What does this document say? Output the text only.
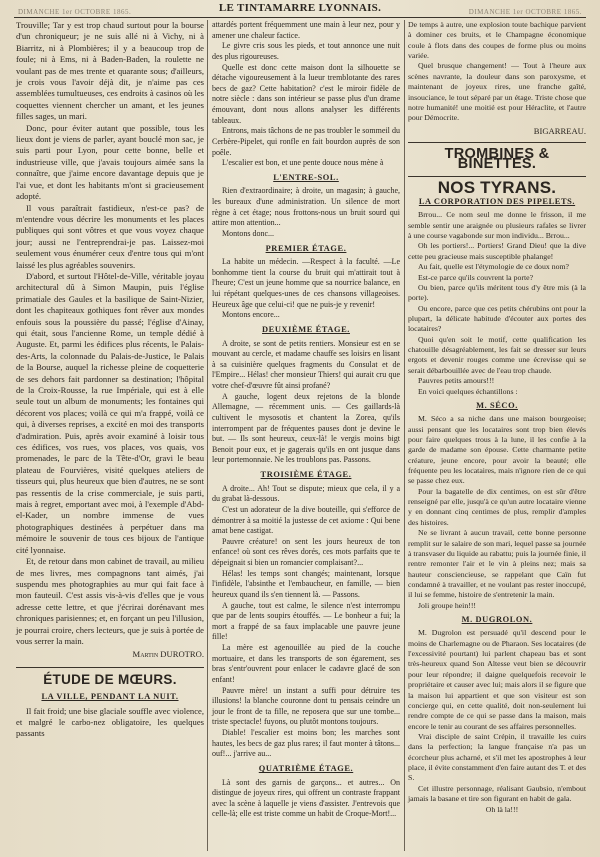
DIMANCHE 1er OCTOBRE 1865.	LE TINTAMARRE LYONNAIS.	DIMANCHE 1er OCTOBRE 1865.

Trouville; Tar y est trop chaud surtout pour la bourse d'un chroniqueur; je ne suis allé ni à Vichy, ni à Biarritz, ni à Plombières; il y a beaucoup trop de foule; ni à Ems, ni à Baden-Baden, la roulette ne voulant pas de mes trente et quarante sous; d'ailleurs, je crois vous l'avoir déjà dit, je n'aime pas ces assemblées tumultueuses, ces endroits à casinos où les coquettes viennent chercher un amant, et les jeunes filles sages, un mari.

Donc, pour éviter autant que possible, tous les lieux dont je viens de parler, ayant bouclé mon sac, je suis parti pour Lyon, pour cette bonne, belle et industrieuse ville, que j'avais toujours aimée sans la connaître, que j'aime encore davantage depuis que je l'ai vue, et dont les habitants m'ont si gracieusement adopté.

Il vous paraîtrait fastidieux, n'est-ce pas? de m'entendre vous décrire les monuments et les places publiques qui sont vôtres et que vous voyez chaque jour; aussi ne l'entreprendrai-je pas. Laissez-moi seulement vous énumérer ceux d'entre tous qui m'ont laissé les plus agréables souvenirs.

D'abord, et surtout l'Hôtel-de-Ville, véritable joyau architectural dû à Simon Maupin, puis l'église primatiale des Gaules et la basilique de Saint-Nizier, dont les chapiteaux gothiques font rêver aux mondes enfouis sous la poussière du passé; l'église d'Ainay, qui était, sous l'ancienne Rome, un temple dédié à Auguste. Et, parmi les édifices plus récents, le Palais-des-Arts, la colonnade du Palais-de-Justice, le Palais de la Bourse, auquel la richesse pleine de coquetterie de ses dehors fait pardonner sa destination; l'hôpital de la Croix-Rousse, la rue Impériale, qui est à elle seule tout un album de monuments; les fontaines qui décorent vos places; voilà ce qui m'a frappé, voilà ce qui, à diverses reprises, a excité en moi des transports d'admiration. Puis, après avoir examiné à loisir tous ces édifices, vos rues, vos places, vos quais, vos promenades, le parc de la Tête-d'Or, gravi le beau plateau de Fourvières, visité quelques ateliers de tisseurs qui, plus heureux que bien d'autres, ne se sont pas ressentis de la crise commerciale, je suis parti, mais à regret, emportant avec moi, à l'exemple d'Abd-el-Kader, un nombre immense de vues photographiques destinées à perpétuer dans ma mémoire le souvenir de tous ces bijoux de l'antique cité lyonnaise.

Et, de retour dans mon cabinet de travail, au milieu de mes livres, mes compagnons tant aimés, j'ai suspendu mes photographies au mur qui fait face à mon fauteuil. C'est assis vis-à-vis d'elles que je vous adresse cette lettre, et que j'écrirai dorénavant mes chroniques parisiennes; et, en forçant un peu l'illusion, je pourrai croire, chers lecteurs, que je suis à portée de vous serrer la main.

Martin DUROTRO.
ÉTUDE DE MŒURS.
LA VILLE, PENDANT LA NUIT.

Il fait froid; une bise glaciale souffle avec violence, et malgré le carbo-nez obligatoire, les quelques passants

attardés portent fréquemment une main à leur nez, pour y amener une chaleur factice.

Le givre cris sous les pieds, et tout annonce une nuit des plus rigoureuses.

Quelle est donc cette maison dont la silhouette se détache vigoureusement à la lueur tremblotante des rares becs de gaz? Cette habitation? c'est le miroir fidèle de notre siècle : dans son intérieur se passe plus d'un drame émouvant, dont nous allons analyser les différents tableaux.

Entrons, mais tâchons de ne pas troubler le sommeil du Cerbère-Pipelet, qui ronfle en fait bourdon auprès de son poêle.

L'escalier est bon, et une pente douce nous mène à

L'ENTRE-SOL.

Rien d'extraordinaire; à droite, un magasin; à gauche, les bureaux d'une administration. Un silence de mort règne à cet étage; nous frottons-nous un bruit sourd qui attire mon attention...

Montons donc...

PREMIER ÉTAGE.

La habite un médecin. —Respect à la faculté. —Le bonhomme tient la course du bruit qui m'attirait tout à l'heure; C'est un jeune homme que sa nourrice balance, en lui répétant quelques-unes de ces chansons villageoises. Heureux âge que celui-ci! que ne puis-je y revenir!

Montons encore...

DEUXIÈME ÉTAGE.

A droite, se sont de petits rentiers. Monsieur est en se mouvant au cercle, et madame chauffe ses loisirs en lisant à sa cuisinière quelques fragments du Consulat et de l'Empire... Hélas! cher monsieur Thiers! qui aurait cru que votre chef-d'œuvre fût ainsi profané?

A gauche, logent deux rejetons de la blonde Allemagne, — récemment unis. — Ces gaillards-là cultivent le mysosotis et chantent la Zorea, qu'ils interrompent par de fréquentes pauses dont je devine le but. — Ils sont heureux, ceux-là! le vergis moins bigt Benoit pour eux, et je gagerais qu'ils en ont jusque dans leur portemonnaie. Ne les troublons pas. Passons.

TROISIÈME ÉTAGE.

A droite... Ah! Tout se dispute; mieux que cela, il y a du grabat là-dessous.

C'est un adorateur de la dive bouteille, qui s'efforce de démontrer à sa moitié la justesse de cet axiome : Qui bene amat bene castigat.

Pauvre créature! on sent les jours heureux de ton enfance! où sont ces rêves dorés, ces mots parfaits que te dépeignait si bien un romancier complaisant?...

Hélas! les temps sont changés; maintenant, lorsque l'infidèle, l'absinthe et l'embaucheur, en famille, — bien heureux quand ils s'en tiennent là. — Passons.

A gauche, tout est calme, le silence n'est interrompu que par de lents soupirs étouffés. — Le bonheur a fui; la mort a frappé de sa faux implacable une pauvre jeune fille!

La mère est agenouillée au pied de la couche mortuaire, et dans les transports de son égarement, ses bras s'entr'ouvrent pour enlacer le cadavre glacé de son enfant!

Pauvre mère! un instant a suffi pour détruire tes illusions! la blanche couronne dont tu pensais ceindre un jour le front de ta fille, ne reposera que sur une tombe... triste spectacle! fuyons, ou plutôt montons toujours.

Diable! l'escalier est moins bon; les marches sont hautes, les becs de gaz plus rares; il faut monter à tâtons... ouf!... j'arrive au...

QUATRIÈME ÉTAGE.

Là sont des garnis de garçons... et autres... On distingue de joyeux rires, qui offrent un contraste frappant avec la scène à laquelle je viens d'assister. J'entrevois que celle-là; elle est triste comme un habit de Croque-Mort!...

De temps à autre, une explosion toute bachique parvient à dominer ces bruits, et le Champagne économique coule à flots dans des coupes de forme plus ou moins variée.

Quel brusque changement! — Tout à l'heure aux scènes navrante, la douleur dans son paroxysme, et maintenant de joyeux rires, une franche gaîté, insouciance, le tout séparé par un étage. Triste chose que notre humanité! une moitié est pour Héraclite, et l'autre pour Démocrite.

BIGARREAU.
TROMBINES & BINETTES.
NOS TYRANS.
LA CORPORATION DES PIPELETS.

Brrou... Ce nom seul me donne le frisson, il me semble sentir une araignée ou plusieurs rafales se livrer à une course vagabonde sur mon individu... Brrou...

Oh les portiers!... Portiers! Grand Dieu! que la dive cette peu gracieuse mais susceptible phalange!

Au fait, quelle est l'étymologie de ce doux nom?

Est-ce parce qu'ils couvrent la porte?

Ou bien, parce qu'ils méritent tous d'y être mis (à la porte).

Ou encore, parce que ces petits chérubins ont pour la plupart, la délicate habitude d'écouter aux portes des locataires?

Quoi qu'en soit le motif, cette qualification les chatouille désagréablement, les fait se dresser sur leurs ergots et devenir rouges comme une écrevisse qui se serait débarbouillée avec de l'eau trop chaude.

Pauvres petits amours!!!

En voici quelques échantillons :

M. SÉCO.

M. Séco a sa niche dans une maison bourgeoise; aussi pensant que les locataires sont trop bien élevés pour faire quelques trous à la lune, il les confie à la garde de madame son épouse. Cette charmante petite créature, jeune encore, pour avoir la beauté; elle fréquente peu les locataires, mais n'ignore rien de ce qui se passe chez eux.

Pour la bagatelle de dix centimes, on est sûr d'être renseigné par elle, jusqu'à ce qu'un autre locataire vienne y en donnant cinq centimes de plus, remplir d'amples des histoires.

Ne se livrant à aucun travail, cette bonne personne remplit sur le salaire de son mari, lequel passe sa journée à transvaser du liquide au rabattu; puis la journée finie, il rentre remonter l'air et le vin à pleins nez; mais sa hauteur consciencieuse, se rappelant que Caïn fut condamné à travailler, et ne voulant pas rester inoccupé, il lui se femme, histoire de s'entretenir la main.

Joli groupe hein!!!

M. DUGROLON.

M. Dugrolon est persuadé qu'il descend pour le moins de Charlemagne ou de Pharaon. Ses locataires (de l'excessivité pourtant) lui parlent chapeau bas et sont très-heureux quand Son Altesse veut bien se découvrir pour leur répondre; il daigne quelquefois recevoir le propriétaire et causer avec lui; mais alors il se figure que la maison lui appartient et que son visiteur est son concierge qui, en cette qualité, doit non-seulement lui rendre compte de ce qui se passe dans la maison, mais encore le tenir au courant de ses affaires personnelles.

Vrai disciple de saint Crépin, il travaille les cuirs dans la perfection; la langue française n'a pas un écorcheur plus acharné, et s'il met les apostrophes à leur place, il évite constamment d'en faire autant des T. et des S.

Cet illustre personnage, réalisant Gaubsio, n'embout jamais la basane et tire son figurant en habit de gala.

Oh là la!!!
